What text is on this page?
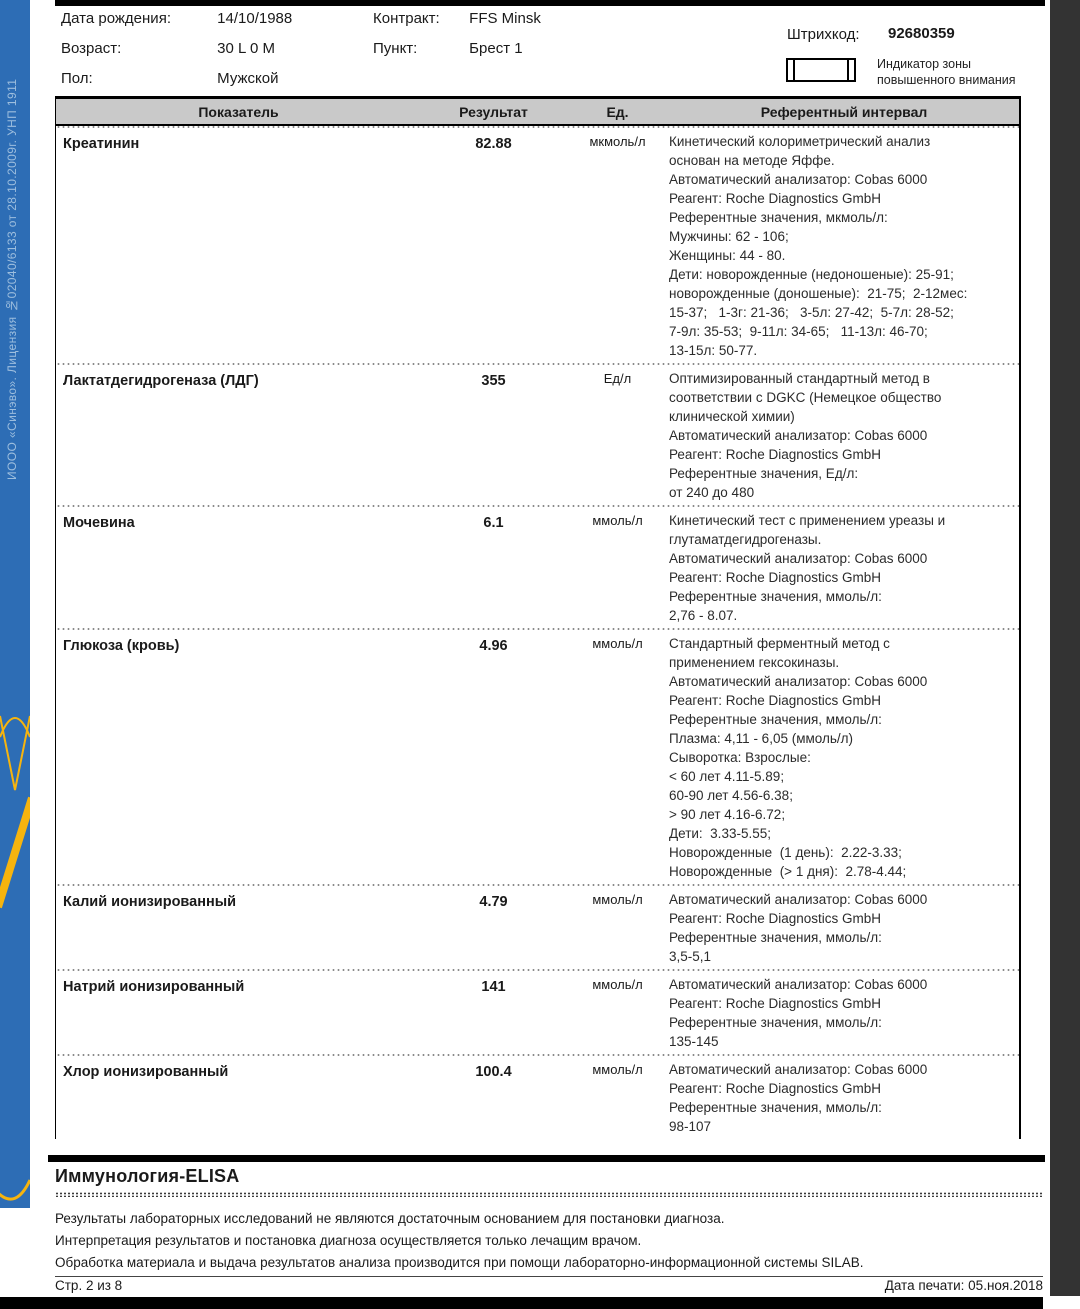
ИООО «Синэво». Лицензия №02040/6133 от 28.10.2009г. УНП 1911
Дата рождения:	14/10/1988
Возраст:	30 L 0 M
Пол:	Мужской
Контракт: FFS Minsk
Пункт:	Брест 1
Штрихкод: 92680359
Индикатор зоны
повышенного внимания
Показатель	Результат	Ед.	Референтный интервал
Креатинин	82.88	мкмоль/л	Кинетический колориметрический анализ
основан на методе Яффе.
Автоматический анализатор: Cobas 6000
Реагент: Roche Diagnostics GmbH
Референтные значения, мкмоль/л:
Мужчины: 62 - 106;
Женщины: 44 - 80.
Дети: новорожденные (недоношеные): 25-91;
новорожденные (доношеные):  21-75;  2-12мес:
15-37;   1-3г: 21-36;   3-5л: 27-42;  5-7л: 28-52;
7-9л: 35-53;  9-11л: 34-65;   11-13л: 46-70;
13-15л: 50-77.
Лактатдегидрогеназа (ЛДГ)	355	Ед/л	Оптимизированный стандартный метод в
соответствии с DGKC (Немецкое общество
клинической химии)
Автоматический анализатор: Cobas 6000
Реагент: Roche Diagnostics GmbH
Референтные значения, Ед/л:
от 240 до 480
Мочевина	6.1	ммоль/л	Кинетический тест с применением уреазы и
глутаматдегидрогеназы.
Автоматический анализатор: Cobas 6000
Реагент: Roche Diagnostics GmbH
Референтные значения, ммоль/л:
2,76 - 8.07.
Глюкоза (кровь)	4.96	ммоль/л	Стандартный ферментный метод с
применением гексокиназы.
Автоматический анализатор: Cobas 6000
Реагент: Roche Diagnostics GmbH
Референтные значения, ммоль/л:
Плазма: 4,11 - 6,05 (ммоль/л)
Сыворотка: Взрослые:
< 60 лет 4.11-5.89;
60-90 лет 4.56-6.38;
> 90 лет 4.16-6.72;
Дети:  3.33-5.55;
Новорожденные  (1 день):  2.22-3.33;
Новорожденные  (> 1 дня):  2.78-4.44;
Калий ионизированный	4.79	ммоль/л	Автоматический анализатор: Cobas 6000
Реагент: Roche Diagnostics GmbH
Референтные значения, ммоль/л:
3,5-5,1
Натрий ионизированный	141	ммоль/л	Автоматический анализатор: Cobas 6000
Реагент: Roche Diagnostics GmbH
Референтные значения, ммоль/л:
135-145
Хлор ионизированный	100.4	ммоль/л	Автоматический анализатор: Cobas 6000
Реагент: Roche Diagnostics GmbH
Референтные значения, ммоль/л:
98-107
Иммунология-ELISA
Результаты лабораторных исследований не являются достаточным основанием для постановки диагноза.
Интерпретация результатов и постановка диагноза осуществляется только лечащим врачом.
Обработка материала и выдача результатов анализа производится при помощи лабораторно-информационной системы SILAB.
Стр. 2 из 8	Дата печати: 05.ноя.2018
